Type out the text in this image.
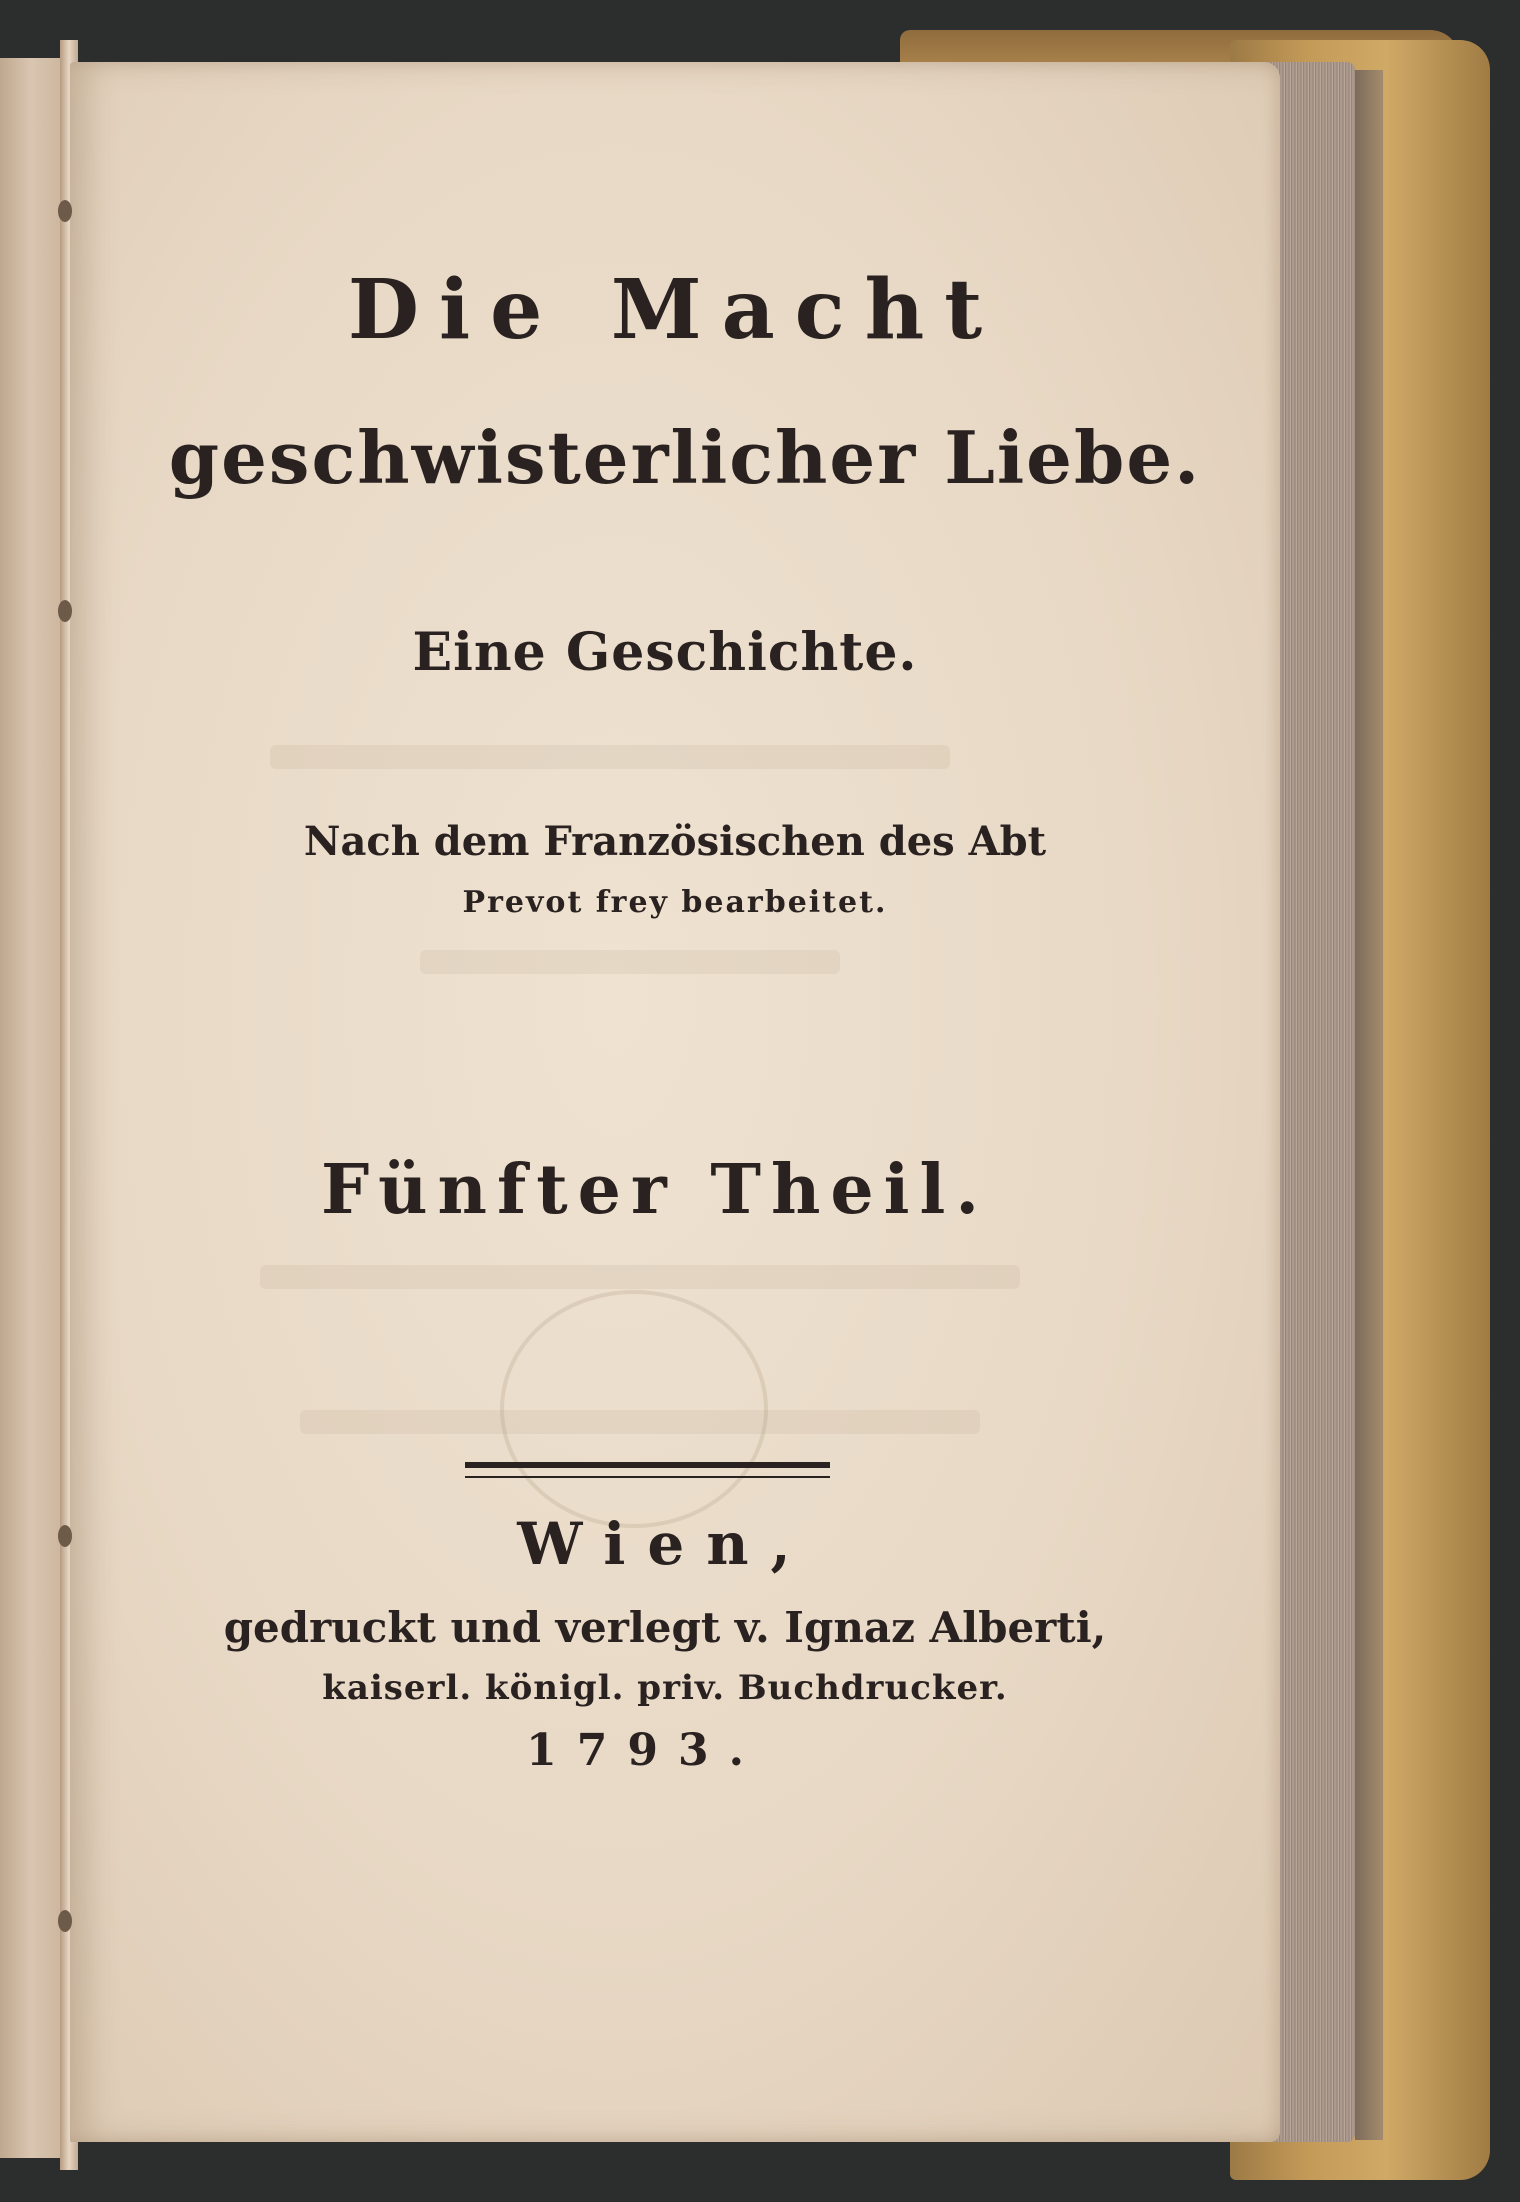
Die Macht
geschwisterlicher Liebe.
Eine Geschichte.
Nach dem Französischen des Abt
Prevot frey bearbeitet.
Fünfter Theil.
Wien,
gedruckt und verlegt v. Ignaz Alberti,
kaiserl. königl. priv. Buchdrucker.
1793.
